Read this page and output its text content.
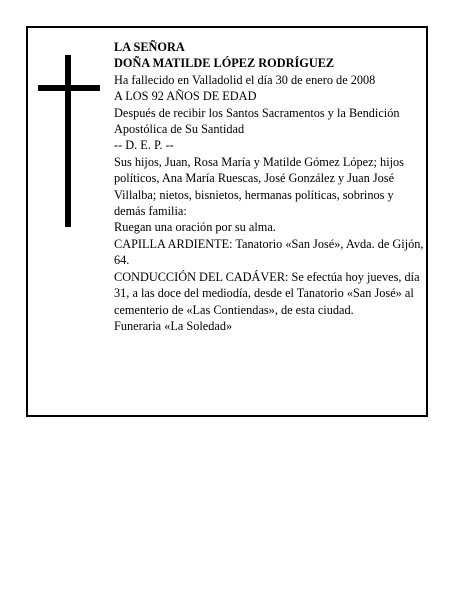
LA SEÑORA

DOÑA MATILDE LÓPEZ RODRÍGUEZ

Ha fallecido en Valladolid el día 30 de enero de 2008

A LOS 92 AÑOS DE EDAD

Después de recibir los Santos Sacramentos y la Bendición Apostólica de Su Santidad

-- D. E. P. --

Sus hijos, Juan, Rosa María y Matilde Gómez López; hijos políticos, Ana María Ruescas, José González y Juan José Villalba; nietos, bisnietos, hermanas políticas, sobrinos y demás familia:

Ruegan una oración por su alma.

CAPILLA ARDIENTE: Tanatorio «San José», Avda. de Gijón, 64.

CONDUCCIÓN DEL CADÁVER: Se efectúa hoy jueves, día 31, a las doce del mediodía, desde el Tanatorio «San José» al cementerio de «Las Contiendas», de esta ciudad.

Funeraria «La Soledad»
